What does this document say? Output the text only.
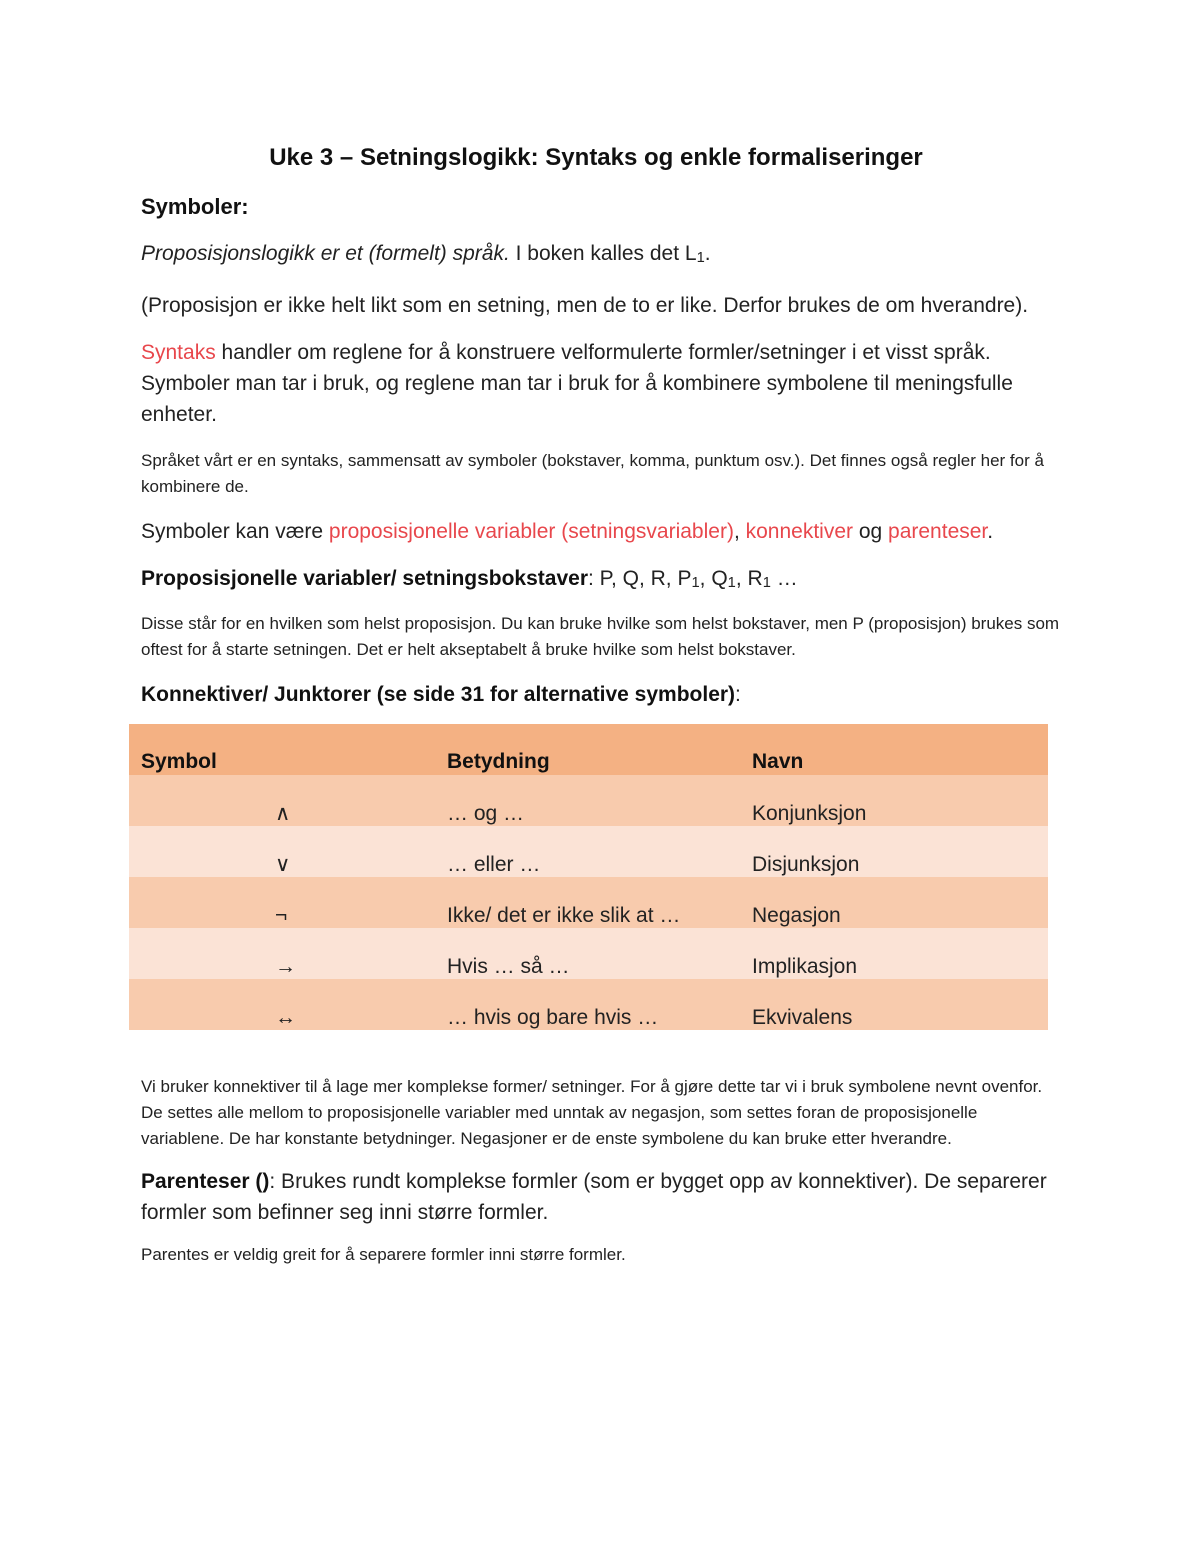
Uke 3 – Setningslogikk: Syntaks og enkle formaliseringer
Symboler:

Proposisjonslogikk er et (formelt) språk. I boken kalles $\det L_1$.

(Proposisjon er ikke helt likt som en setning, men de to er like. Derfor brukes de om hverandre).

Syntaks handler om reglene for å konstruere velformulerte formler/setninger i et visst språk. Symboler man tar i bruk, og reglene man tar i bruk for å kombinere symbolene til meningsfulle enheter.

Språket vårt er en syntaks, sammensatt av symboler (bokstaver, komma, punktum osv.). Det finnes også regler her for å kombinere de.

Symboler kan være proposisjonelle variabler (setningsvariabler), konnektiver og parenteser.

Proposisjonelle variabler/ setningsbokstaver: P, Q, R, $P_1$, $Q_1$, $R_1$ …

Disse står for en hvilken som helst proposisjon. Du kan bruke hvilke som helst bokstaver, men P (proposisjon) brukes som oftest for å starte setningen. Det er helt akseptabelt å bruke hvilke som helst bokstaver.

Konnektiver/ Junktorer (se side 31 for alternative symboler):

Symbol	Betydning	Navn
∧	… og …	Konjunksjon
∨	… eller …	Disjunksjon
¬	Ikke/ det er ikke slik at …	Negasjon
→	Hvis … så …	Implikasjon
↔	… hvis og bare hvis …	Ekvivalens

Vi bruker konnektiver til å lage mer komplekse former/ setninger. For å gjøre dette tar vi i bruk symbolene nevnt ovenfor. De settes alle mellom to proposisjonelle variabler med unntak av negasjon, som settes foran de proposisjonelle variablene. De har konstante betydninger. Negasjoner er de enste symbolene du kan bruke etter hverandre.

Parenteser (): Brukes rundt komplekse formler (som er bygget opp av konnektiver). De separerer formler som befinner seg inni større formler.

Parentes er veldig greit for å separere formler inni større formler.
